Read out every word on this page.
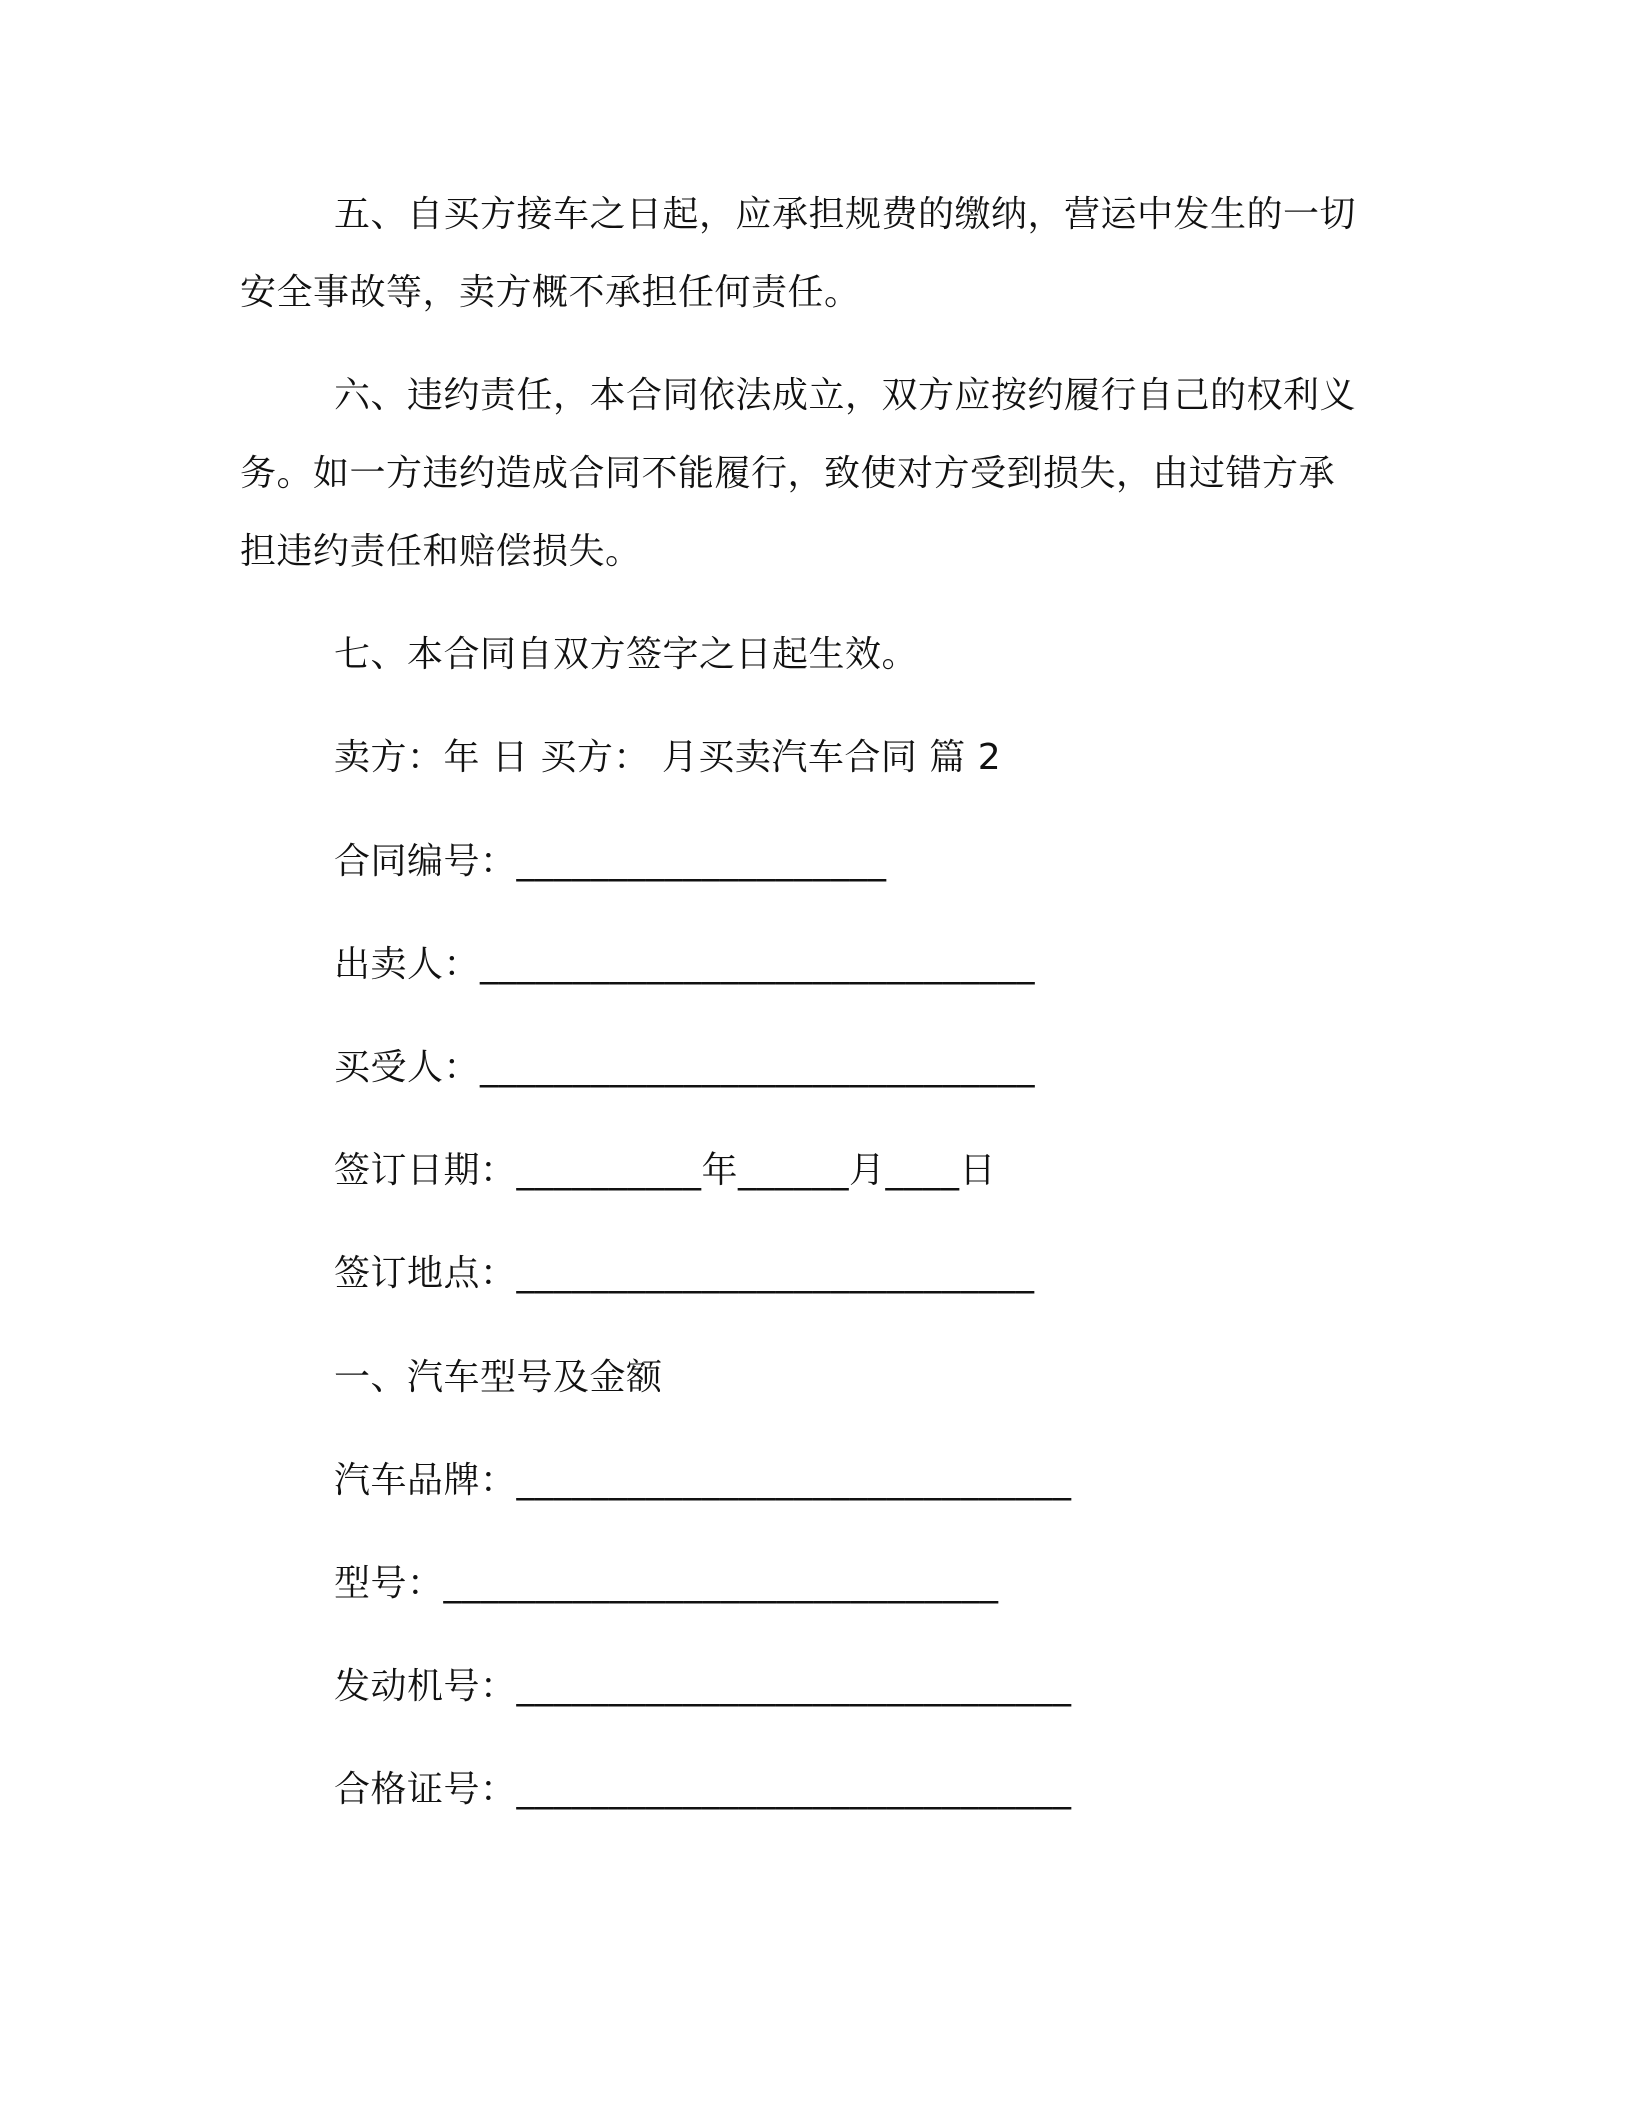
五、自买方接车之日起，应承担规费的缴纳，营运中发生的一切
安全事故等，卖方概不承担任何责任。
六、违约责任，本合同依法成立，双方应按约履行自己的权利义
务。如一方违约造成合同不能履行，致使对方受到损失，由过错方承
担违约责任和赔偿损失。
七、本合同自双方签字之日起生效。
卖方：年 日 买方： 月买卖汽车合同 篇 2
合同编号：____________________
出卖人：______________________________
买受人：______________________________
签订日期：__________年______月____日
签订地点：____________________________
一、汽车型号及金额
汽车品牌：______________________________
型号：______________________________
发动机号：______________________________
合格证号：______________________________
